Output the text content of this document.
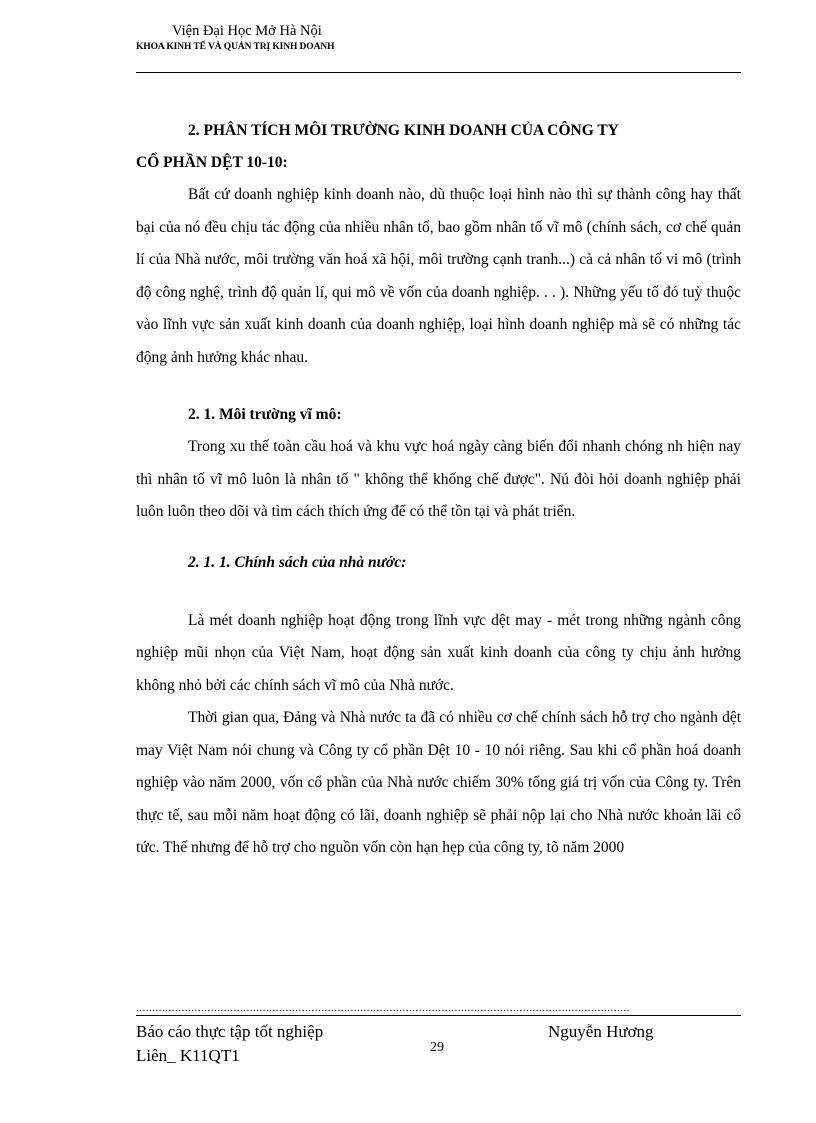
Viện Đại Học Mở Hà Nội
KHOA KINH TẾ VÀ QUẢN TRỊ KINH DOANH
2. PHÂN TÍCH MÔI TRƯỜNG KINH DOANH CỦA CÔNG TY
CỔ PHẦN DỆT 10-10:

Bất cứ doanh nghiệp kinh doanh nào, dù thuộc loại hình nào thì sự thành công hay thất bại của nó đều chịu tác động của nhiều nhân tố, bao gồm nhân tố vĩ mô (chính sách, cơ chế quản lí của Nhà nước, môi trường văn hoá xã hội, môi trường cạnh tranh...) cà cả nhân tố vi mô (trình độ công nghệ, trình độ quản lí, qui mô về vốn của doanh nghiệp. . . ). Những yếu tố đó tuỳ thuộc vào lĩnh vực sản xuất kinh doanh của doanh nghiệp, loại hình doanh nghiệp mà sẽ có những tác động ảnh hưởng khác nhau.

2. 1. Môi trường vĩ mô:

Trong xu thế toàn cầu hoá và khu vực hoá ngày càng biến đổi nhanh chóng nh hiện nay thì nhân tố vĩ mô luôn là nhân tố " không thể khống chế được". Nú đòi hỏi doanh nghiệp phải luôn luôn theo dõi và tìm cách thích ứng để có thể tồn tại và phát triển.

2. 1. 1. Chính sách của nhà nước:

Là mét doanh nghiệp hoạt động trong lĩnh vực dệt may - mét trong những ngành công nghiệp mũi nhọn của Việt Nam, hoạt động sản xuất kinh doanh của công ty chịu ảnh hưởng không nhỏ bởi các chính sách vĩ mô của Nhà nước.

Thời gian qua, Đảng và Nhà nước ta đã có nhiều cơ chế chính sách hỗ trợ cho ngành dệt may Việt Nam nói chung và Công ty cổ phần Dệt 10 - 10 nói riêng. Sau khi cổ phần hoá doanh nghiệp vào năm 2000, vốn cổ phần của Nhà nước chiếm 30% tổng giá trị vốn của Công ty. Trên thực tế, sau mỗi năm hoạt động có lãi, doanh nghiệp sẽ phải nộp lại cho Nhà nước khoản lãi cổ tức. Thế nhưng để hỗ trợ cho nguồn vốn còn hạn hẹp của công ty, tõ năm 2000

........................................................................................................................................................
Báo cáo thực tập tốt nghiệp
Liên_ K11QT1
Nguyễn Hương
29
